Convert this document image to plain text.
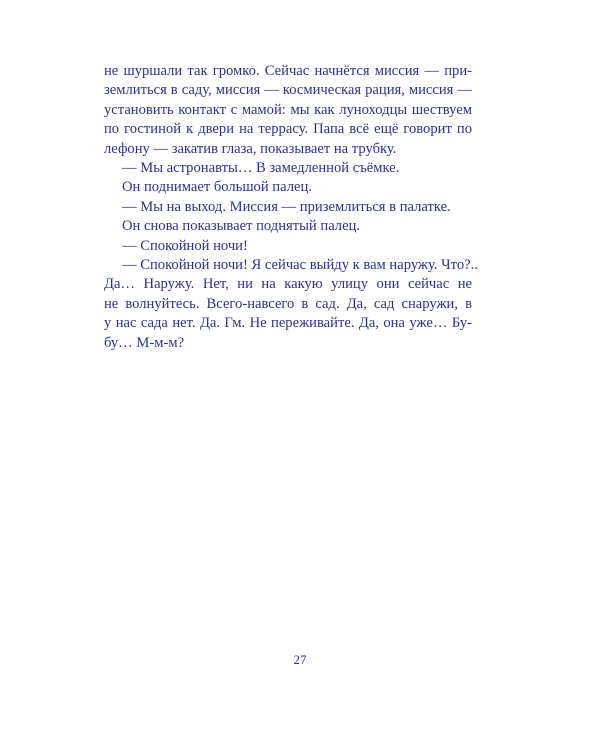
не шуршали так громко. Сейчас начнётся миссия — при-
землиться в саду, миссия — космическая рация, миссия —
установить контакт с мамой: мы как луноходцы шествуем
по гостиной к двери на террасу. Папа всё ещё говорит по
лефону — закатив глаза, показывает на трубку.
— Мы астронавты… В замедленной съёмке.
Он поднимает большой палец.
— Мы на выход. Миссия — приземлиться в палатке.
Он снова показывает поднятый палец.
— Спокойной ночи!
— Спокойной ночи! Я сейчас выйду к вам наружу. Что?..
Да… Наружу. Нет, ни на какую улицу они сейчас не
не волнуйтесь. Всего-навсего в сад. Да, сад снаружи, в
у нас сада нет. Да. Гм. Не переживайте. Да, она уже… Бу-
бу… М-м-м?
27
